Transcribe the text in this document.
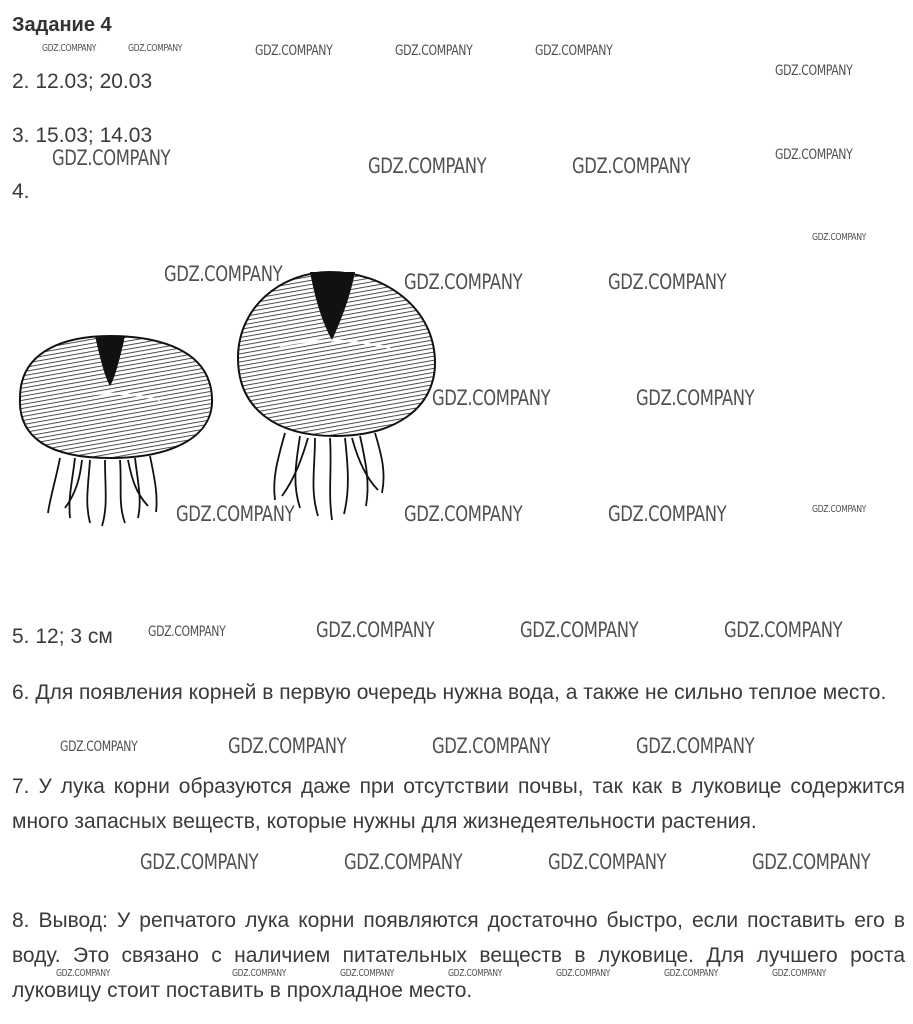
Задание 4
2. 12.03; 20.03
3. 15.03; 14.03
4.
5. 12; 3 см
6. Для появления корней в первую очередь нужна вода, а также не сильно теплое место.
7. У лука корни образуются даже при отсутствии почвы, так как в луковице содержится много запасных веществ, которые нужны для жизнедеятельности растения.
8. Вывод: У репчатого лука корни появляются достаточно быстро, если поставить его в воду. Это связано с наличием питательных веществ в луковице. Для лучшего роста луковицу стоит поставить в прохладное место.
GDZ.COMPANY	GDZ.COMPANY	GDZ.COMPANY	GDZ.COMPANY	GDZ.COMPANY
GDZ.COMPANY
GDZ.COMPANY	GDZ.COMPANY	GDZ.COMPANY	GDZ.COMPANY
GDZ.COMPANY
GDZ.COMPANY	GDZ.COMPANY	GDZ.COMPANY
GDZ.COMPANY	GDZ.COMPANY
GDZ.COMPANY	GDZ.COMPANY	GDZ.COMPANY	GDZ.COMPANY
GDZ.COMPANY	GDZ.COMPANY	GDZ.COMPANY	GDZ.COMPANY
GDZ.COMPANY	GDZ.COMPANY	GDZ.COMPANY	GDZ.COMPANY
GDZ.COMPANY	GDZ.COMPANY	GDZ.COMPANY	GDZ.COMPANY
GDZ.COMPANY	GDZ.COMPANY	GDZ.COMPANY	GDZ.COMPANY	GDZ.COMPANY	GDZ.COMPANY	GDZ.COMPANY
